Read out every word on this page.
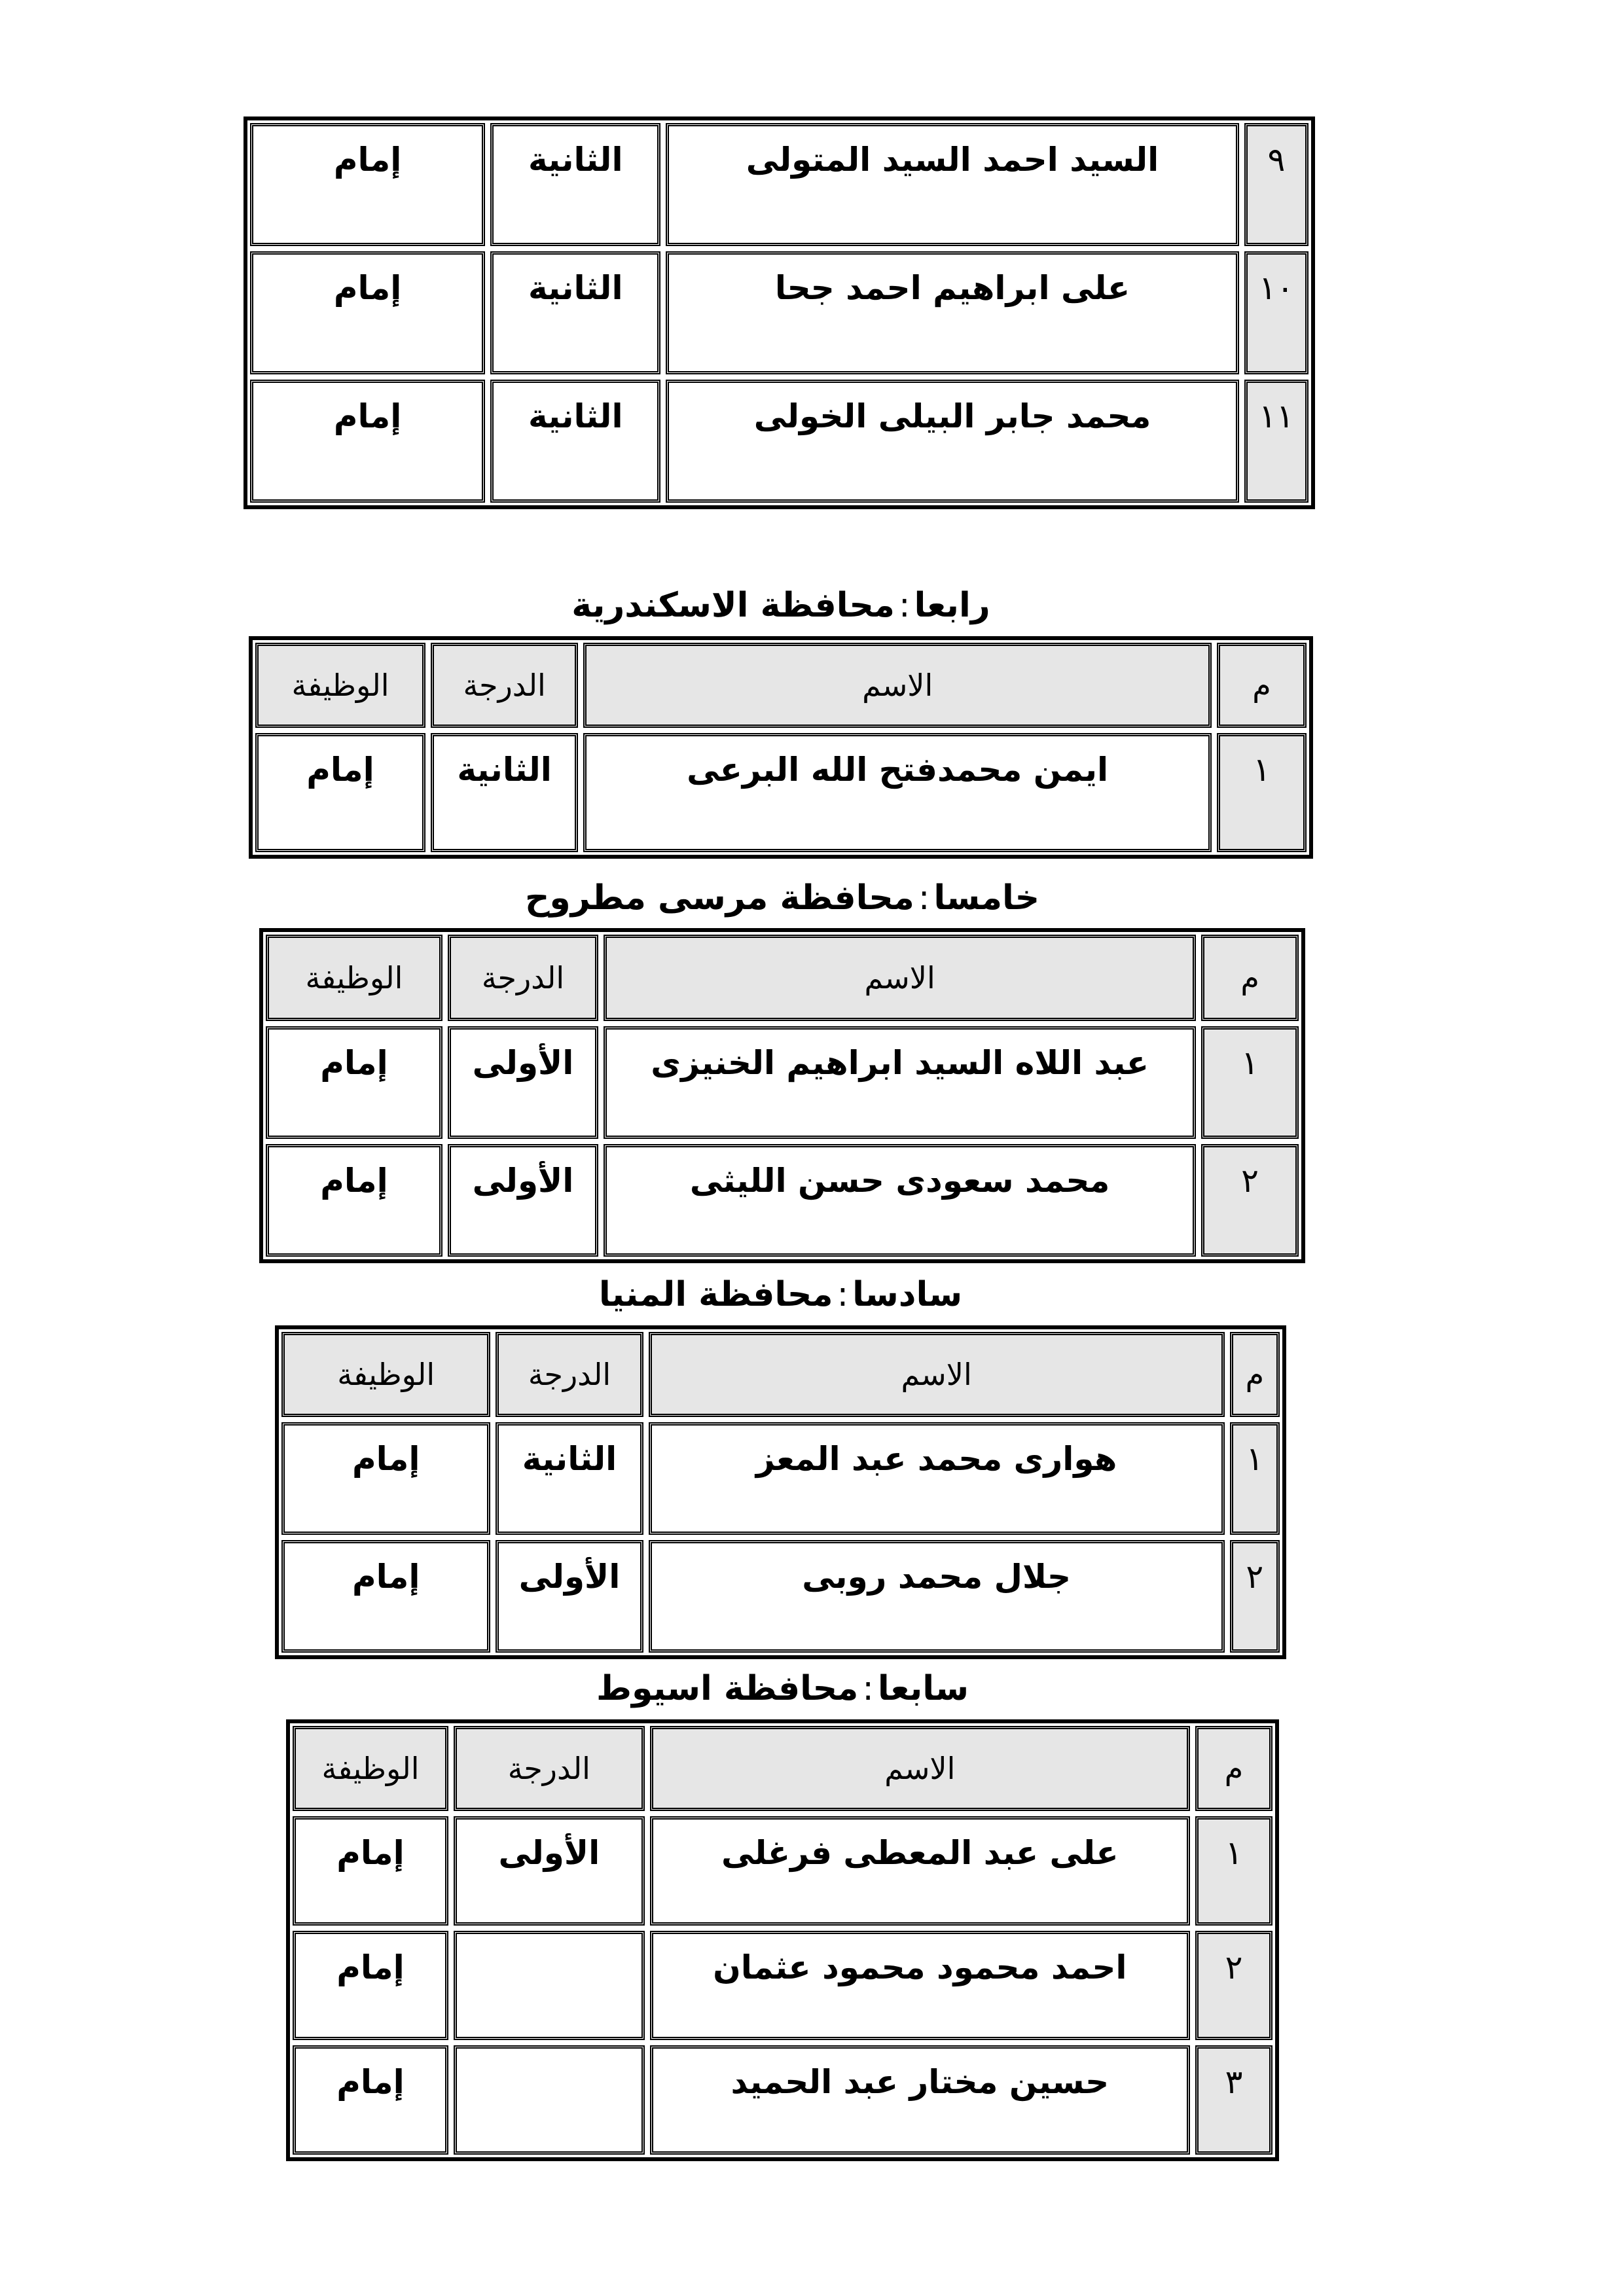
٩
السيد احمد السيد المتولى
الثانية
إمام
١٠
على ابراهيم احمد جحا
الثانية
إمام
١١
محمد جابر البيلى الخولى
الثانية
إمام
رابعا:محافظة الاسكندرية
م
الاسم
الدرجة
الوظيفة
١
ايمن محمدفتح الله البرعى
الثانية
إمام
خامسا:محافظة مرسى مطروح
م
الاسم
الدرجة
الوظيفة
١
عبد اللاه السيد ابراهيم الخنيزى
الأولى
إمام
٢
محمد سعودى حسن الليثى
الأولى
إمام
سادسا:محافظة المنيا
م
الاسم
الدرجة
الوظيفة
١
هوارى محمد عبد المعز
الثانية
إمام
٢
جلال محمد روبى
الأولى
إمام
سابعا:محافظة اسيوط
م
الاسم
الدرجة
الوظيفة
١
على عبد المعطى فرغلى
الأولى
إمام
٢
احمد محمود محمود عثمان
إمام
٣
حسين مختار عبد الحميد
إمام
